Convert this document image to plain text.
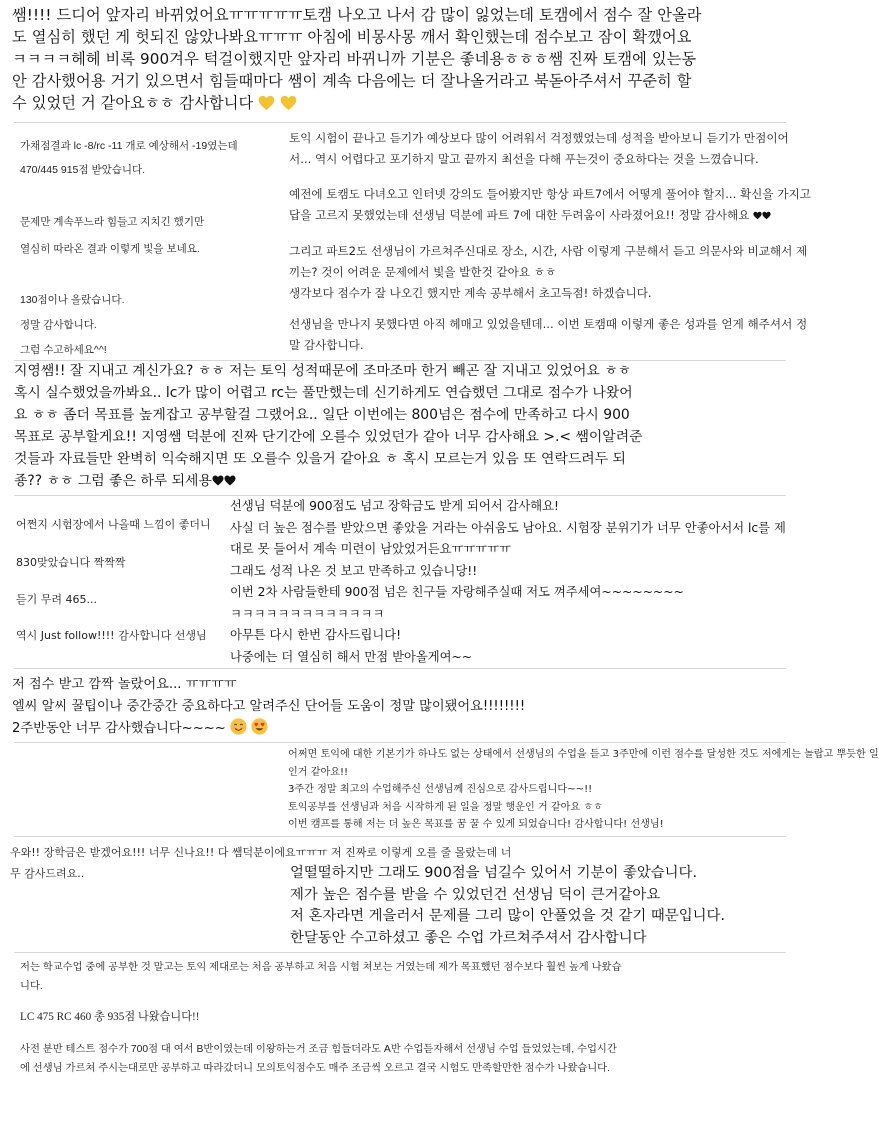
쌤!!!! 드디어 앞자리 바뀌었어요ㅠㅠㅠㅠㅠ토캠 나오고 나서 감 많이 잃었는데 토캠에서 점수 잘 안올라

도 열심히 했던 게 헛되진 않았나봐요ㅠㅠㅠ 아침에 비몽사몽 깨서 확인했는데 점수보고 잠이 확깼어요

ㅋㅋㅋㅋ헤헤 비록 900겨우 턱걸이했지만 앞자리 바뀌니까 기분은 좋네용ㅎㅎㅎ쌤 진짜 토캠에 있는동

안 감사했어용 거기 있으면서 힘들때마다 쌤이 계속 다음에는 더 잘나올거라고 북돋아주셔서 꾸준히 할

수 있었던 거 같아요ㅎㅎ 감사합니다

가채점결과 lc -8/rc -11 개로 예상해서 -19였는데

470/445 915점 받았습니다.

문제만 계속푸느라 힘들고 지치긴 했기만

열심히 따라온 결과 이렇게 빛을 보네요.

130점이나 올랐습니다.

정말 감사합니다.

그럼 수고하세요^^!

토익 시험이 끝나고 듣기가 예상보다 많이 어려워서 걱정했었는데 성적을 받아보니 듣기가 만점이어

서... 역시 어렵다고 포기하지 말고 끝까지 최선을 다해 푸는것이 중요하다는 것을 느꼈습니다.

예전에 토캠도 다녀오고 인터넷 강의도 들어봤지만 항상 파트7에서 어떻게 풀어야 할지... 확신을 가지고

답을 고르지 못했었는데 선생님 덕분에 파트 7에 대한 두려움이 사라졌어요!! 정말 감사해요

그리고 파트2도 선생님이 가르쳐주신대로 장소, 시간, 사람 이렇게 구분해서 듣고 의문사와 비교해서 제

끼는? 것이 어려운 문제에서 빛을 발한것 같아요 ㅎㅎ

생각보다 점수가 잘 나오긴 했지만 계속 공부해서 초고득점! 하겠습니다.

선생님을 만나지 못했다면 아직 헤매고 있었을텐데... 이번 토캠때 이렇게 좋은 성과를 얻게 해주셔서 정

말 감사합니다.

지영쌤!! 잘 지내고 계신가요? ㅎㅎ 저는 토익 성적때문에 조마조마 한거 빼곤 잘 지내고 있었어요 ㅎㅎ

혹시 실수했었을까봐요.. lc가 많이 어렵고 rc는 풀만했는데 신기하게도 연습했던 그대로 점수가 나왔어

요 ㅎㅎ 좀더 목표를 높게잡고 공부할걸 그랬어요.. 일단 이번에는 800넘은 점수에 만족하고 다시 900

목표로 공부할게요!! 지영쌤 덕분에 진짜 단기간에 오를수 있었던가 같아 너무 감사해요 >.< 쌤이알려준

것들과 자료들만 완벽히 익숙해지면 또 오를수 있을거 같아요 ㅎ 혹시 모르는거 있음 또 연락드려두 되

죵?? ㅎㅎ 그럼 좋은 하루 되세용

어쩐지 시험장에서 나올때 느낌이 좋더니

830맞았습니다 짝짝짝

듣기 무려 465...

역시 Just follow!!!! 감사합니다 선생님

선생님 덕분에 900점도 넘고 장학금도 받게 되어서 감사해요!

사실 더 높은 점수를 받았으면 좋았을 거라는 아쉬움도 남아요. 시험장 분위기가 너무 안좋아서서 lc를 제

대로 못 들어서 계속 미련이 남았었거든요ㅠㅠㅠㅠㅠ

그래도 성적 나온 것 보고 만족하고 있습니당!!

이번 2차 사람들한테 900점 넘은 친구들 자랑해주실때 저도 껴주세여~~~~~~~~

ㅋㅋㅋㅋㅋㅋㅋㅋㅋㅋㅋㅋㅋ

아무튼 다시 한번 감사드립니다!

나중에는 더 열심히 해서 만점 받아올게여~~

저 점수 받고 깜짝 놀랐어요... ㅠㅠㅠㅠ

엘씨 알씨 꿀팁이나 중간중간 중요하다고 알려주신 단어들 도움이 정말 많이됐어요!!!!!!!!

2주반동안 너무 감사했습니다~~~~

어쩌면 토익에 대한 기본기가 하나도 없는 상태에서 선생님의 수업을 듣고 3주만에 이런 점수를 달성한 것도 저에게는 놀랍고 뿌듯한 일

인거 같아요!!

3주간 정말 최고의 수업해주신 선생님께 진심으로 감사드립니다~~!!

토익공부를 선생님과 처음 시작하게 된 일을 정말 행운인 거 같아요 ㅎㅎ

이번 캠프를 통해 저는 더 높은 목표를 꿈 꿀 수 있게 되었습니다! 감사합니다! 선생님!

우와!! 장학금은 받겠어요!!! 너무 신나요!! 다 쌤덕분이에요ㅠㅠㅠ 저 진짜로 이렇게 오를 줄 몰랐는데 너

무 감사드려요..	얼떨떨하지만 그래도 900점을 넘길수 있어서 기분이 좋았습니다.

제가 높은 점수를 받을 수 있었던건 선생님 덕이 큰거같아요

저 혼자라면 게을러서 문제를 그리 많이 안풀었을 것 같기 때문입니다.

한달동안 수고하셨고 좋은 수업 가르쳐주셔서 감사합니다

저는 학교수업 중에 공부한 것 말고는 토익 제대로는 처음 공부하고 처음 시험 쳐보는 거였는데 제가 목표했던 점수보다 훨씬 높게 나왔습

니다.

LC 475 RC 460 총 935점 나왔습니다!!

사전 분반 테스트 점수가 700점 대 여서 B반이였는데 이왕하는거 조금 힘들더라도 A반 수업듣자해서 선생님 수업 들었었는데, 수업시간

에 선생님 가르쳐 주시는대로만 공부하고 따라갔더니 모의토익점수도 매주 조금씩 오르고 결국 시험도 만족할만한 점수가 나왔습니다.
